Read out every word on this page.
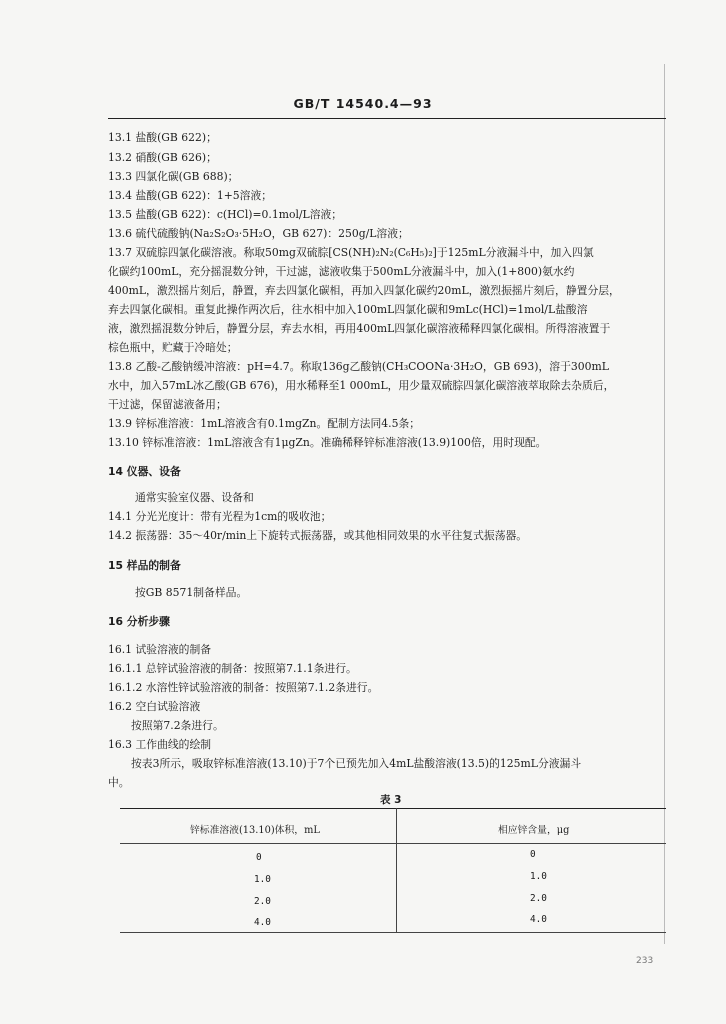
GB/T 14540.4—93
13.1 盐酸(GB 622)；
13.2 硝酸(GB 626)；
13.3 四氯化碳(GB 688)；
13.4 盐酸(GB 622)：1+5溶液；
13.5 盐酸(GB 622)：c(HCl)=0.1mol/L溶液；
13.6 硫代硫酸钠(Na₂S₂O₃·5H₂O，GB 627)：250g/L溶液；
13.7 双硫腙四氯化碳溶液。称取50mg双硫腙[CS(NH)₂N₂(C₆H₅)₂]于125mL分液漏斗中，加入四氯
化碳约100mL，充分摇混数分钟，干过滤，滤液收集于500mL分液漏斗中，加入(1+800)氨水约
400mL，激烈摇片刻后，静置，弃去四氯化碳相，再加入四氯化碳约20mL，激烈振摇片刻后，静置分层，
弃去四氯化碳相。重复此操作两次后，往水相中加入100mL四氯化碳和9mLc(HCl)=1mol/L盐酸溶
液，激烈摇混数分钟后，静置分层，弃去水相，再用400mL四氯化碳溶液稀释四氯化碳相。所得溶液置于
棕色瓶中，贮藏于冷暗处；
13.8 乙酸-乙酸钠缓冲溶液：pH=4.7。称取136g乙酸钠(CH₃COONa·3H₂O，GB 693)，溶于300mL
水中，加入57mL冰乙酸(GB 676)，用水稀释至1 000mL，用少量双硫腙四氯化碳溶液萃取除去杂质后，
干过滤，保留滤液备用；
13.9 锌标准溶液：1mL溶液含有0.1mgZn。配制方法同4.5条；
13.10 锌标准溶液：1mL溶液含有1μgZn。准确稀释锌标准溶液(13.9)100倍，用时现配。
14 仪器、设备
通常实验室仪器、设备和
14.1 分光光度计：带有光程为1cm的吸收池；
14.2 振荡器：35～40r/min上下旋转式振荡器，或其他相同效果的水平往复式振荡器。
15 样品的制备
按GB 8571制备样品。
16 分析步骤
16.1 试验溶液的制备
16.1.1 总锌试验溶液的制备：按照第7.1.1条进行。
16.1.2 水溶性锌试验溶液的制备：按照第7.1.2条进行。
16.2 空白试验溶液
按照第7.2条进行。
16.3 工作曲线的绘制
按表3所示，吸取锌标准溶液(13.10)于7个已预先加入4mL盐酸溶液(13.5)的125mL分液漏斗
中。
表 3
锌标准溶液(13.10)体积，mL	相应锌含量，μg
0	0
1.0	1.0
2.0	2.0
4.0	4.0
233
